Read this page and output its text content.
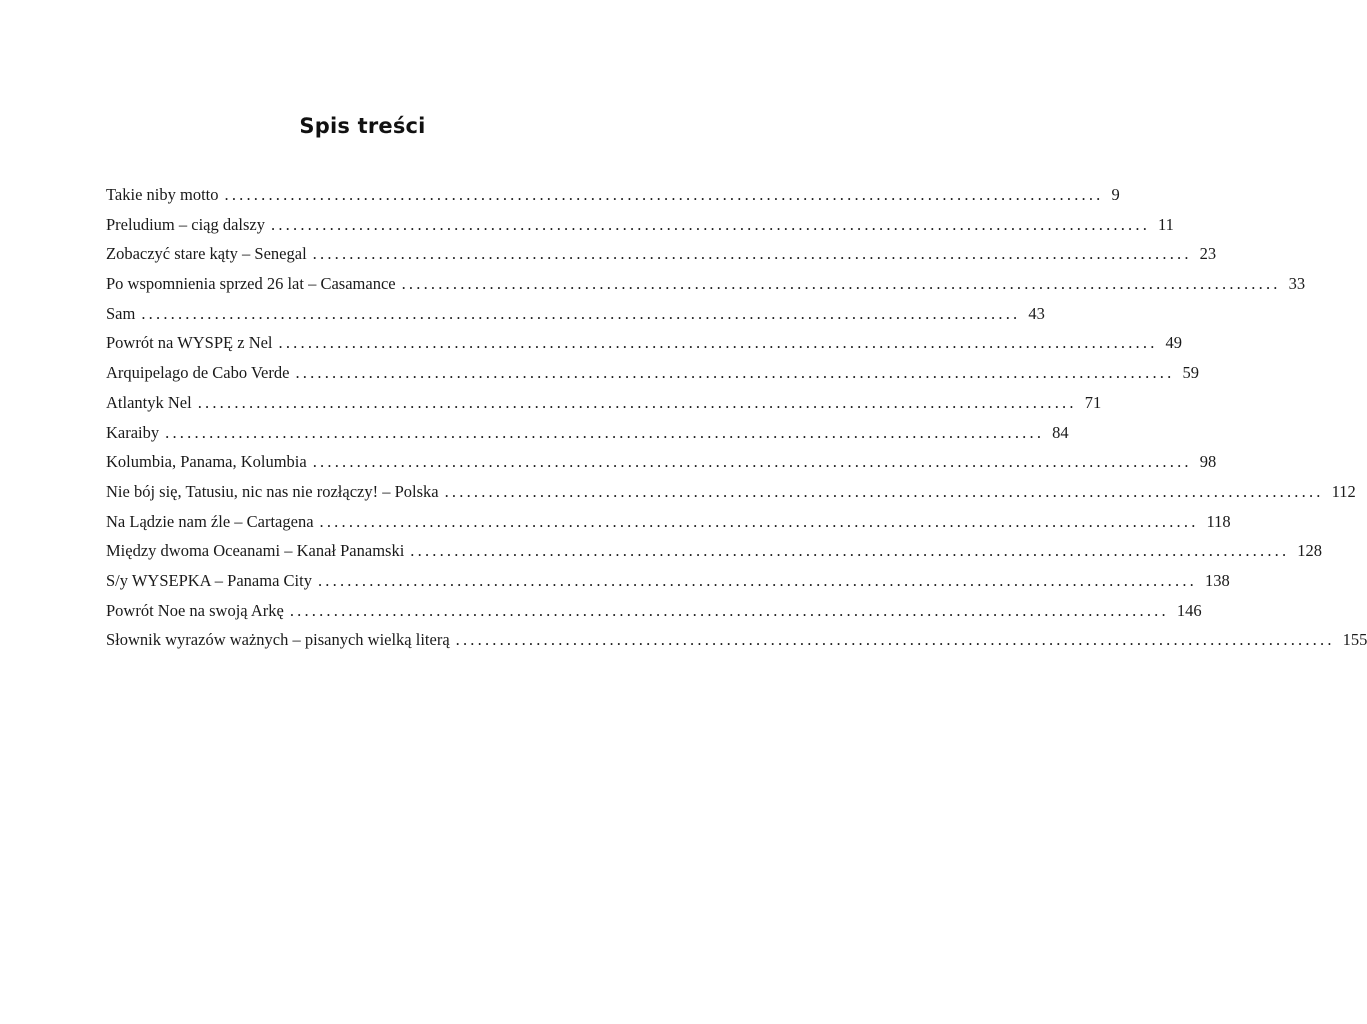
Spis treści
Takie niby motto ........................................................................................................................ 9
Preludium – ciąg dalszy ........................................................................................................................ 11
Zobaczyć stare kąty – Senegal ........................................................................................................................ 23
Po wspomnienia sprzed 26 lat – Casamance ........................................................................................................................ 33
Sam ........................................................................................................................ 43
Powrót na WYSPĘ z Nel ........................................................................................................................ 49
Arquipelago de Cabo Verde ........................................................................................................................ 59
Atlantyk Nel ........................................................................................................................ 71
Karaiby ........................................................................................................................ 84
Kolumbia, Panama, Kolumbia ........................................................................................................................ 98
Nie bój się, Tatusiu, nic nas nie rozłączy! – Polska ........................................................................................................................ 112
Na Lądzie nam źle – Cartagena ........................................................................................................................ 118
Między dwoma Oceanami – Kanał Panamski ........................................................................................................................ 128
S/y WYSEPKA – Panama City ........................................................................................................................ 138
Powrót Noe na swoją Arkę ........................................................................................................................ 146
Słownik wyrazów ważnych – pisanych wielką literą ........................................................................................................................ 155
